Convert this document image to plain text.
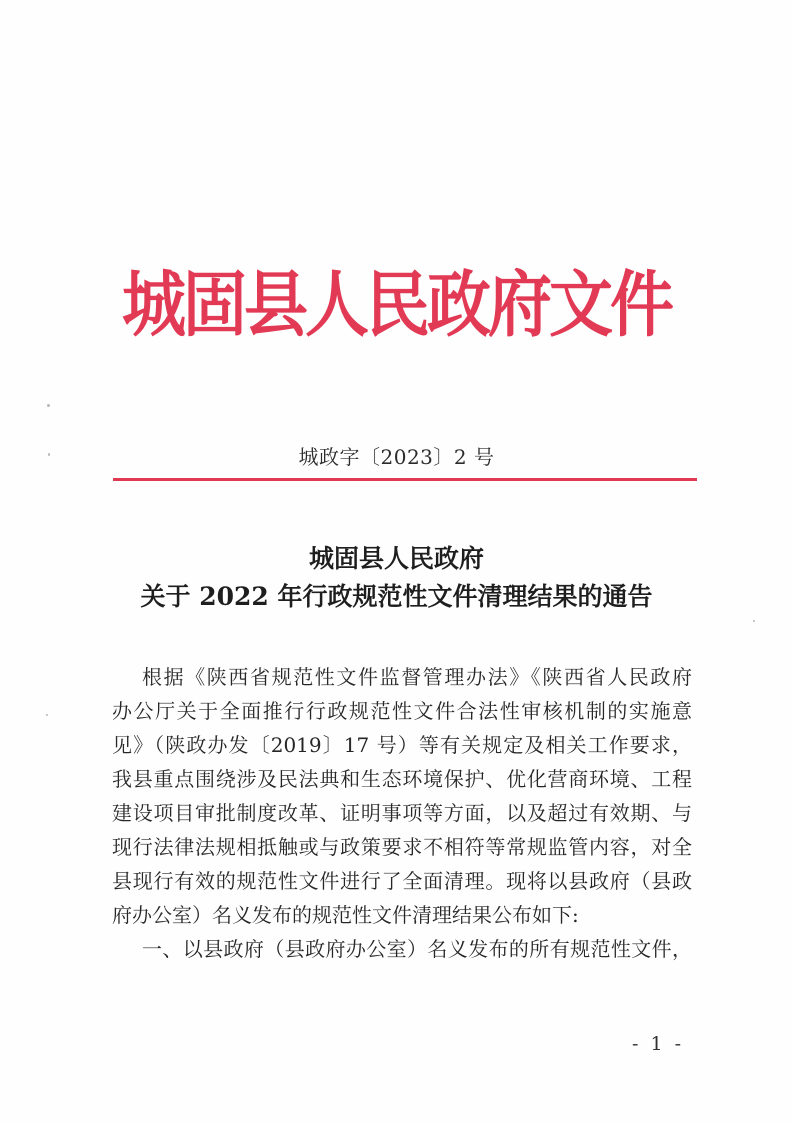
城固县人民政府文件
城政字〔2023〕2 号
城固县人民政府
关于 2022 年行政规范性文件清理结果的通告
根据《陕西省规范性文件监督管理办法》《陕西省人民政府
办公厅关于全面推行行政规范性文件合法性审核机制的实施意
见》（陕政办发〔2019〕17 号）等有关规定及相关工作要求，
我县重点围绕涉及民法典和生态环境保护、优化营商环境、工程
建设项目审批制度改革、证明事项等方面，以及超过有效期、与
现行法律法规相抵触或与政策要求不相符等常规监管内容，对全
县现行有效的规范性文件进行了全面清理。现将以县政府（县政
府办公室）名义发布的规范性文件清理结果公布如下:
一、以县政府（县政府办公室）名义发布的所有规范性文件，
- 1 -
